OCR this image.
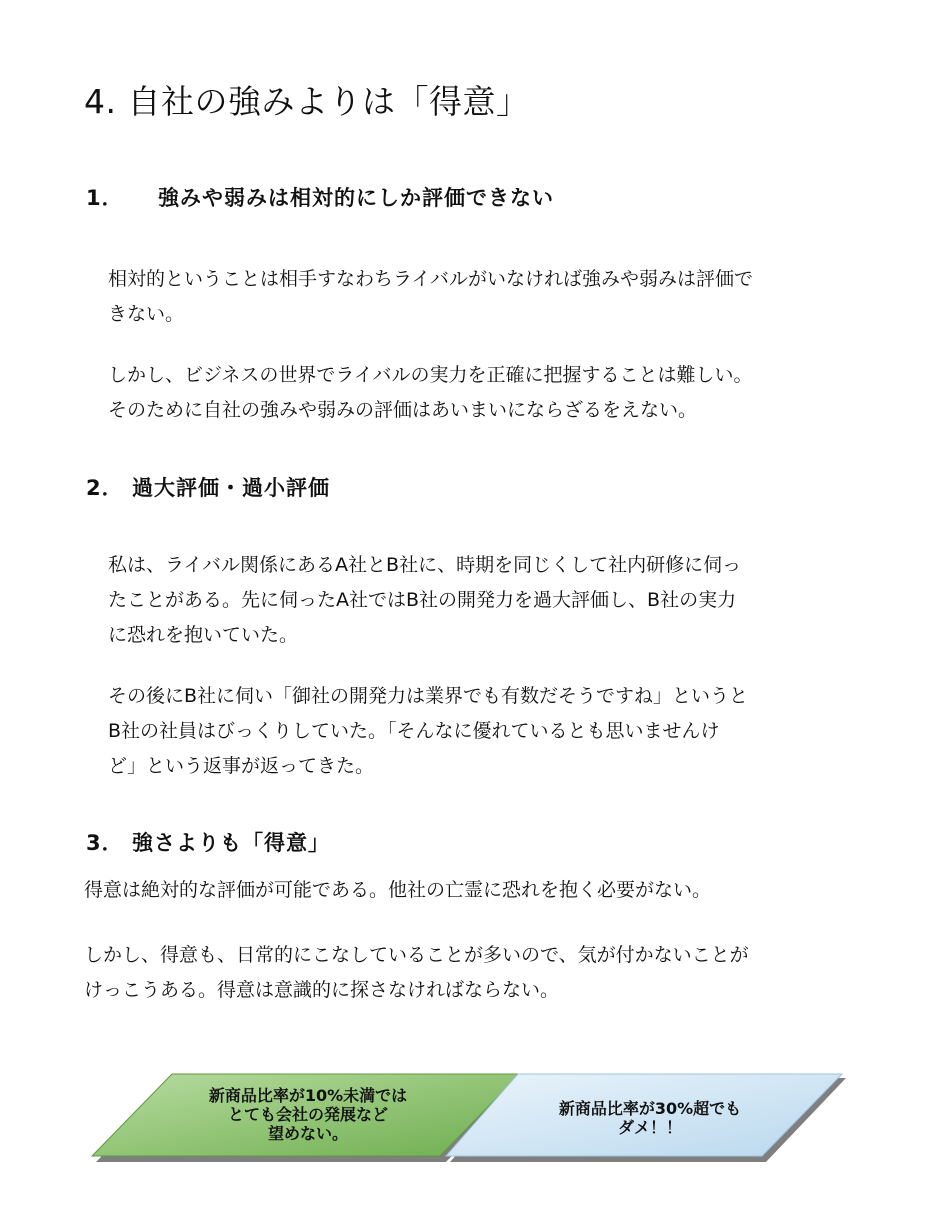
4. 自社の強みよりは「得意」
1． 強みや弱みは相対的にしか評価できない
相対的ということは相手すなわちライバルがいなければ強みや弱みは評価で
きない。
しかし、ビジネスの世界でライバルの実力を正確に把握することは難しい。
そのために自社の強みや弱みの評価はあいまいにならざるをえない。
2． 過大評価・過小評価
私は、ライバル関係にあるA社とB社に、時期を同じくして社内研修に伺っ
たことがある。先に伺ったA社ではB社の開発力を過大評価し、B社の実力
に恐れを抱いていた。
その後にB社に伺い「御社の開発力は業界でも有数だそうですね」というと
B社の社員はびっくりしていた。「そんなに優れているとも思いませんけ
ど」という返事が返ってきた。
3． 強さよりも「得意」
得意は絶対的な評価が可能である。他社の亡霊に恐れを抱く必要がない。
しかし、得意も、日常的にこなしていることが多いので、気が付かないことが
けっこうある。得意は意識的に探さなければならない。
新商品比率が10%未満では
とても会社の発展など
望めない。
新商品比率が30%超でも
ダメ！！
